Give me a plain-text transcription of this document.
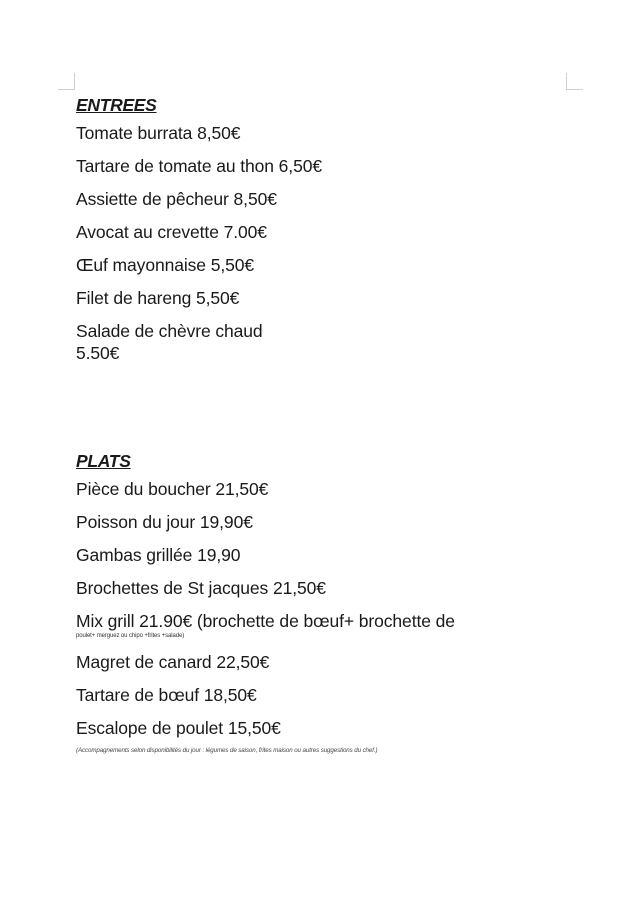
ENTREES
Tomate burrata 8,50€
Tartare de tomate au thon 6,50€
Assiette de pêcheur 8,50€
Avocat au crevette 7.00€
Œuf mayonnaise 5,50€
Filet de hareng 5,50€
Salade de chèvre chaud
5.50€
PLATS
Pièce du boucher 21,50€
Poisson du jour 19,90€
Gambas grillée 19,90
Brochettes de St jacques 21,50€
Mix grill 21.90€ (brochette de bœuf+ brochette de
poulet+ merguez ou chipo +frites +salade)
Magret de canard 22,50€
Tartare de bœuf 18,50€
Escalope de poulet 15,50€
(Accompagnements selon disponibilités du jour : légumes de saison, frites maison ou autres suggestions du chef.)
